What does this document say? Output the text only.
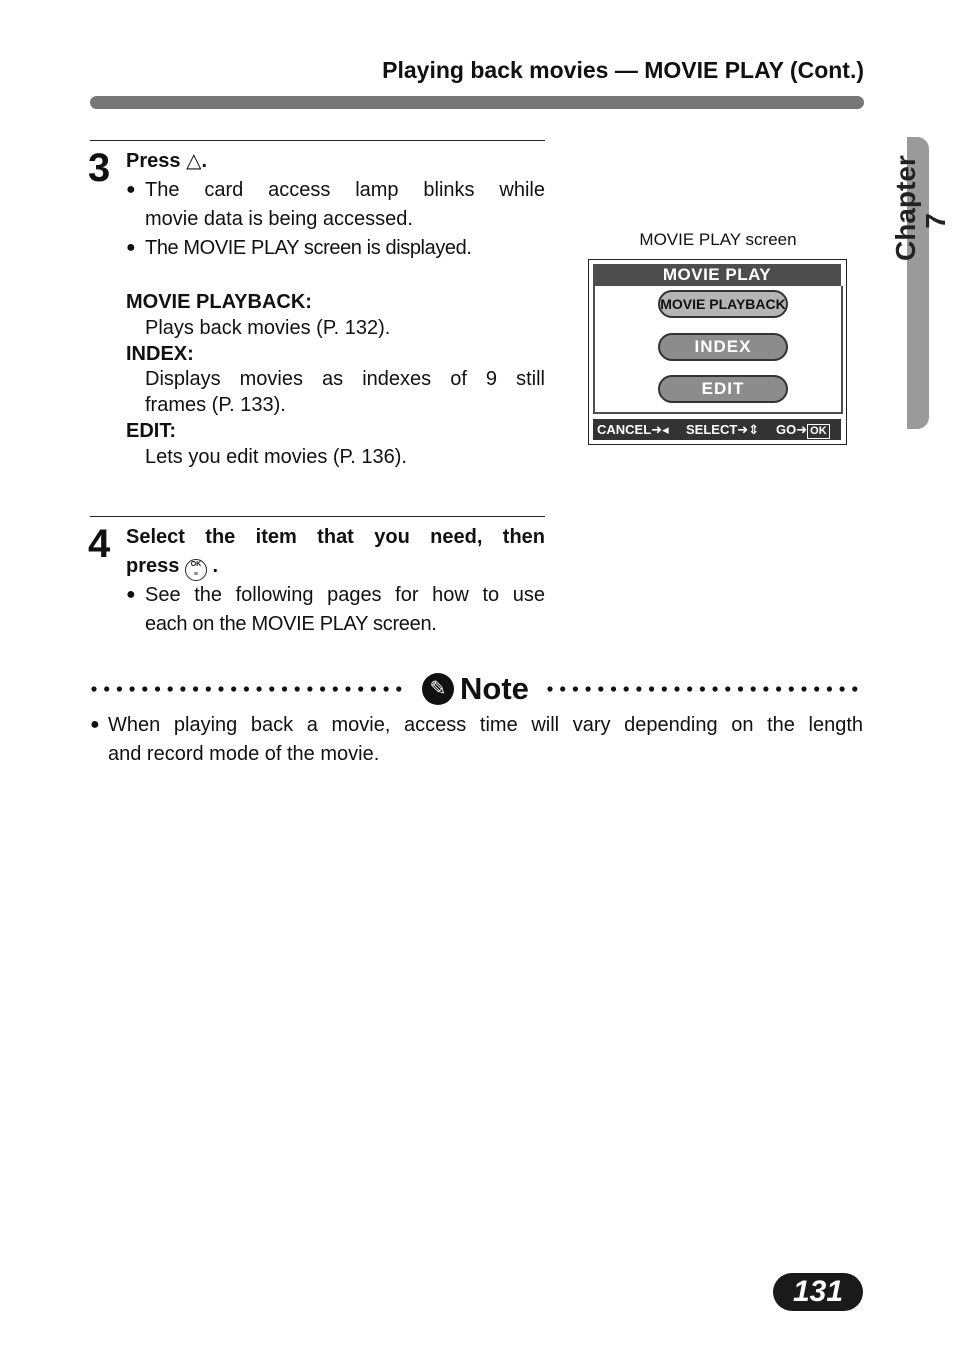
Playing back movies — MOVIE PLAY (Cont.)
Chapter 7
3 Press △.
● The card access lamp blinks while
movie data is being accessed.
● The MOVIE PLAY screen is displayed.
MOVIE PLAYBACK:
Plays back movies (P. 132).
INDEX:
Displays movies as indexes of 9 still
frames (P. 133).
EDIT:
Lets you edit movies (P. 136).
MOVIE PLAY screen
MOVIE PLAY
MOVIE PLAYBACK
INDEX
EDIT
CANCEL➜◂ SELECT➜⇕ GO➜ OK
4 Select the item that you need, then
press OK
≡ .
● See the following pages for how to use
each on the MOVIE PLAY screen.
✎ Note
● When playing back a movie, access time will vary depending on the length
and record mode of the movie.
131
